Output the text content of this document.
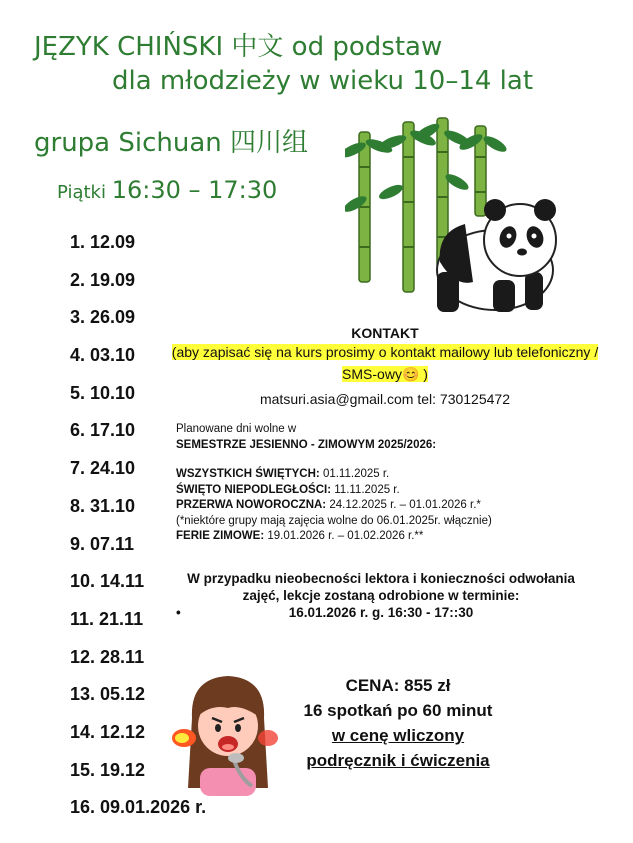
JĘZYK CHIŃSKI 中文 od podstaw
dla młodzieży w wieku 10–14 lat
grupa Sichuan 四川组
Piątki 16:30 – 17:30
1. 12.09
2. 19.09
3. 26.09
4. 03.10
5. 10.10
6. 17.10
7. 24.10
8. 31.10
9. 07.11
10. 14.11
11. 21.11
12. 28.11
13. 05.12
14. 12.12
15. 19.12
16. 09.01.2026 r.
KONTAKT
(aby zapisać się na kurs prosimy o kontakt mailowy lub telefoniczny / SMS-owy😊 )
matsuri.asia@gmail.com tel: 730125472
Planowane dni wolne w
SEMESTRZE JESIENNO - ZIMOWYM 2025/2026:
WSZYSTKICH ŚWIĘTYCH: 01.11.2025 r.
ŚWIĘTO NIEPODLEGŁOŚCI: 11.11.2025 r.
PRZERWA NOWOROCZNA: 24.12.2025 r. – 01.01.2026 r.*
(*niektóre grupy mają zajęcia wolne do 06.01.2025r. włącznie)
FERIE ZIMOWE: 19.01.2026 r. – 01.02.2026 r.**
W przypadku nieobecności lektora i konieczności odwołania zajęć, lekcje zostaną odrobione w terminie:
•	16.01.2026 r. g. 16:30 - 17::30
CENA: 855 zł
16 spotkań po 60 minut
w cenę wliczony
podręcznik i ćwiczenia
